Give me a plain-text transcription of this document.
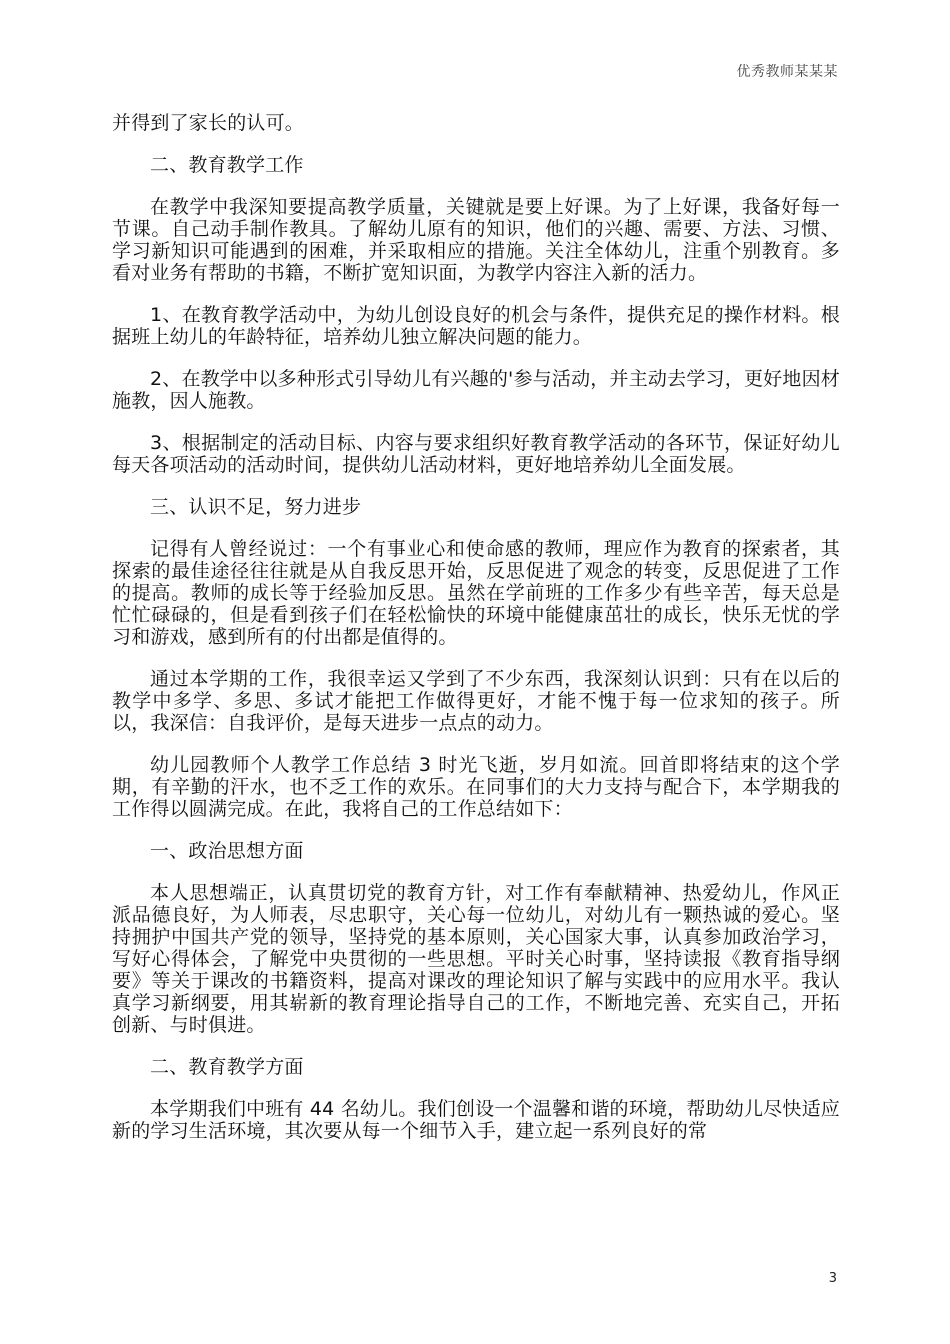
优秀教师某某某

并得到了家长的认可。

二、教育教学工作

在教学中我深知要提高教学质量，关键就是要上好课。为了上好课，我备好每一节课。自己动手制作教具。了解幼儿原有的知识，他们的兴趣、需要、方法、习惯、学习新知识可能遇到的困难，并采取相应的措施。关注全体幼儿，注重个别教育。多看对业务有帮助的书籍，不断扩宽知识面，为教学内容注入新的活力。

1、在教育教学活动中，为幼儿创设良好的机会与条件，提供充足的操作材料。根据班上幼儿的年龄特征，培养幼儿独立解决问题的能力。

2、在教学中以多种形式引导幼儿有兴趣的'参与活动，并主动去学习，更好地因材施教，因人施教。

3、根据制定的活动目标、内容与要求组织好教育教学活动的各环节，保证好幼儿每天各项活动的活动时间，提供幼儿活动材料，更好地培养幼儿全面发展。

三、认识不足，努力进步

记得有人曾经说过：一个有事业心和使命感的教师，理应作为教育的探索者，其探索的最佳途径往往就是从自我反思开始，反思促进了观念的转变，反思促进了工作的提高。教师的成长等于经验加反思。虽然在学前班的工作多少有些辛苦，每天总是忙忙碌碌的，但是看到孩子们在轻松愉快的环境中能健康茁壮的成长，快乐无忧的学习和游戏，感到所有的付出都是值得的。

通过本学期的工作，我很幸运又学到了不少东西，我深刻认识到：只有在以后的教学中多学、多思、多试才能把工作做得更好，才能不愧于每一位求知的孩子。所以，我深信：自我评价，是每天进步一点点的动力。

幼儿园教师个人教学工作总结 3 时光飞逝，岁月如流。回首即将结束的这个学期，有辛勤的汗水，也不乏工作的欢乐。在同事们的大力支持与配合下，本学期我的工作得以圆满完成。在此，我将自己的工作总结如下：

一、政治思想方面

本人思想端正，认真贯切党的教育方针，对工作有奉献精神、热爱幼儿，作风正派品德良好，为人师表，尽忠职守，关心每一位幼儿，对幼儿有一颗热诚的爱心。坚持拥护中国共产党的领导，坚持党的基本原则，关心国家大事，认真参加政治学习，写好心得体会，了解党中央贯彻的一些思想。平时关心时事，坚持读报《教育指导纲要》等关于课改的书籍资料，提高对课改的理论知识了解与实践中的应用水平。我认真学习新纲要，用其崭新的教育理论指导自己的工作，不断地完善、充实自己，开拓创新、与时俱进。

二、教育教学方面

本学期我们中班有 44 名幼儿。我们创设一个温馨和谐的环境，帮助幼儿尽快适应新的学习生活环境，其次要从每一个细节入手，建立起一系列良好的常

3
